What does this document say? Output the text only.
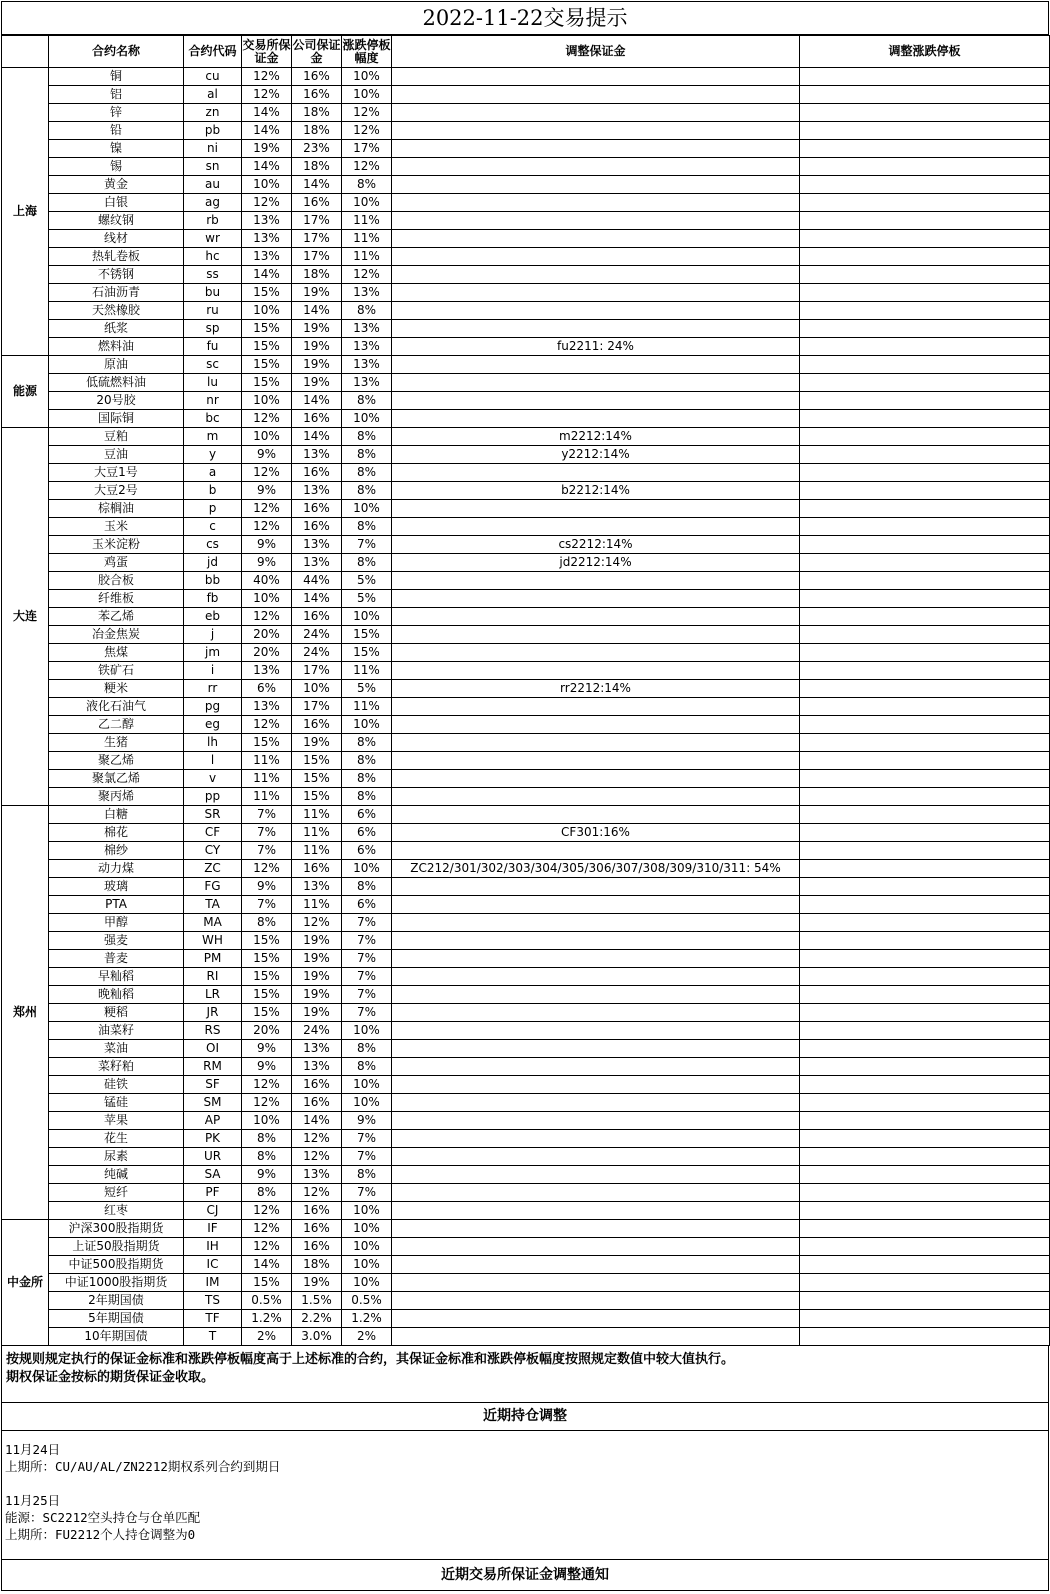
2022-11-22交易提示
	合约名称	合约代码	交易所保证金	公司保证金	涨跌停板幅度	调整保证金	调整涨跌停板
上海	铜	cu	12%	16%	10%		
	铝	al	12%	16%	10%		
	锌	zn	14%	18%	12%		
	铅	pb	14%	18%	12%		
	镍	ni	19%	23%	17%		
	锡	sn	14%	18%	12%		
	黄金	au	10%	14%	8%		
	白银	ag	12%	16%	10%		
	螺纹钢	rb	13%	17%	11%		
	线材	wr	13%	17%	11%		
	热轧卷板	hc	13%	17%	11%		
	不锈钢	ss	14%	18%	12%		
	石油沥青	bu	15%	19%	13%		
	天然橡胶	ru	10%	14%	8%		
	纸浆	sp	15%	19%	13%		
	燃料油	fu	15%	19%	13%	fu2211: 24%	
能源	原油	sc	15%	19%	13%		
	低硫燃料油	lu	15%	19%	13%		
	20号胶	nr	10%	14%	8%		
	国际铜	bc	12%	16%	10%		
大连	豆粕	m	10%	14%	8%	m2212:14%	
	豆油	y	9%	13%	8%	y2212:14%	
	大豆1号	a	12%	16%	8%		
	大豆2号	b	9%	13%	8%	b2212:14%	
	棕榈油	p	12%	16%	10%		
	玉米	c	12%	16%	8%		
	玉米淀粉	cs	9%	13%	7%	cs2212:14%	
	鸡蛋	jd	9%	13%	8%	jd2212:14%	
	胶合板	bb	40%	44%	5%		
	纤维板	fb	10%	14%	5%		
	苯乙烯	eb	12%	16%	10%		
	冶金焦炭	j	20%	24%	15%		
	焦煤	jm	20%	24%	15%		
	铁矿石	i	13%	17%	11%		
	粳米	rr	6%	10%	5%	rr2212:14%	
	液化石油气	pg	13%	17%	11%		
	乙二醇	eg	12%	16%	10%		
	生猪	lh	15%	19%	8%		
	聚乙烯	l	11%	15%	8%		
	聚氯乙烯	v	11%	15%	8%		
	聚丙烯	pp	11%	15%	8%		
郑州	白糖	SR	7%	11%	6%		
	棉花	CF	7%	11%	6%	CF301:16%	
	棉纱	CY	7%	11%	6%		
	动力煤	ZC	12%	16%	10%	ZC212/301/302/303/304/305/306/307/308/309/310/311: 54%	
	玻璃	FG	9%	13%	8%		
	PTA	TA	7%	11%	6%		
	甲醇	MA	8%	12%	7%		
	强麦	WH	15%	19%	7%		
	普麦	PM	15%	19%	7%		
	早籼稻	RI	15%	19%	7%		
	晚籼稻	LR	15%	19%	7%		
	粳稻	JR	15%	19%	7%		
	油菜籽	RS	20%	24%	10%		
	菜油	OI	9%	13%	8%		
	菜籽粕	RM	9%	13%	8%		
	硅铁	SF	12%	16%	10%		
	锰硅	SM	12%	16%	10%		
	苹果	AP	10%	14%	9%		
	花生	PK	8%	12%	7%		
	尿素	UR	8%	12%	7%		
	纯碱	SA	9%	13%	8%		
	短纤	PF	8%	12%	7%		
	红枣	CJ	12%	16%	10%		
中金所	沪深300股指期货	IF	12%	16%	10%		
	上证50股指期货	IH	12%	16%	10%		
	中证500股指期货	IC	14%	18%	10%		
	中证1000股指期货	IM	15%	19%	10%		
	2年期国债	TS	0.5%	1.5%	0.5%		
	5年期国债	TF	1.2%	2.2%	1.2%		
	10年期国债	T	2%	3.0%	2%		
按规则规定执行的保证金标准和涨跌停板幅度高于上述标准的合约，其保证金标准和涨跌停板幅度按照规定数值中较大值执行。
期权保证金按标的期货保证金收取。
近期持仓调整
11月24日
上期所：CU/AU/AL/ZN2212期权系列合约到期日
11月25日
能源：SC2212空头持仓与仓单匹配
上期所：FU2212个人持仓调整为0
近期交易所保证金调整通知
